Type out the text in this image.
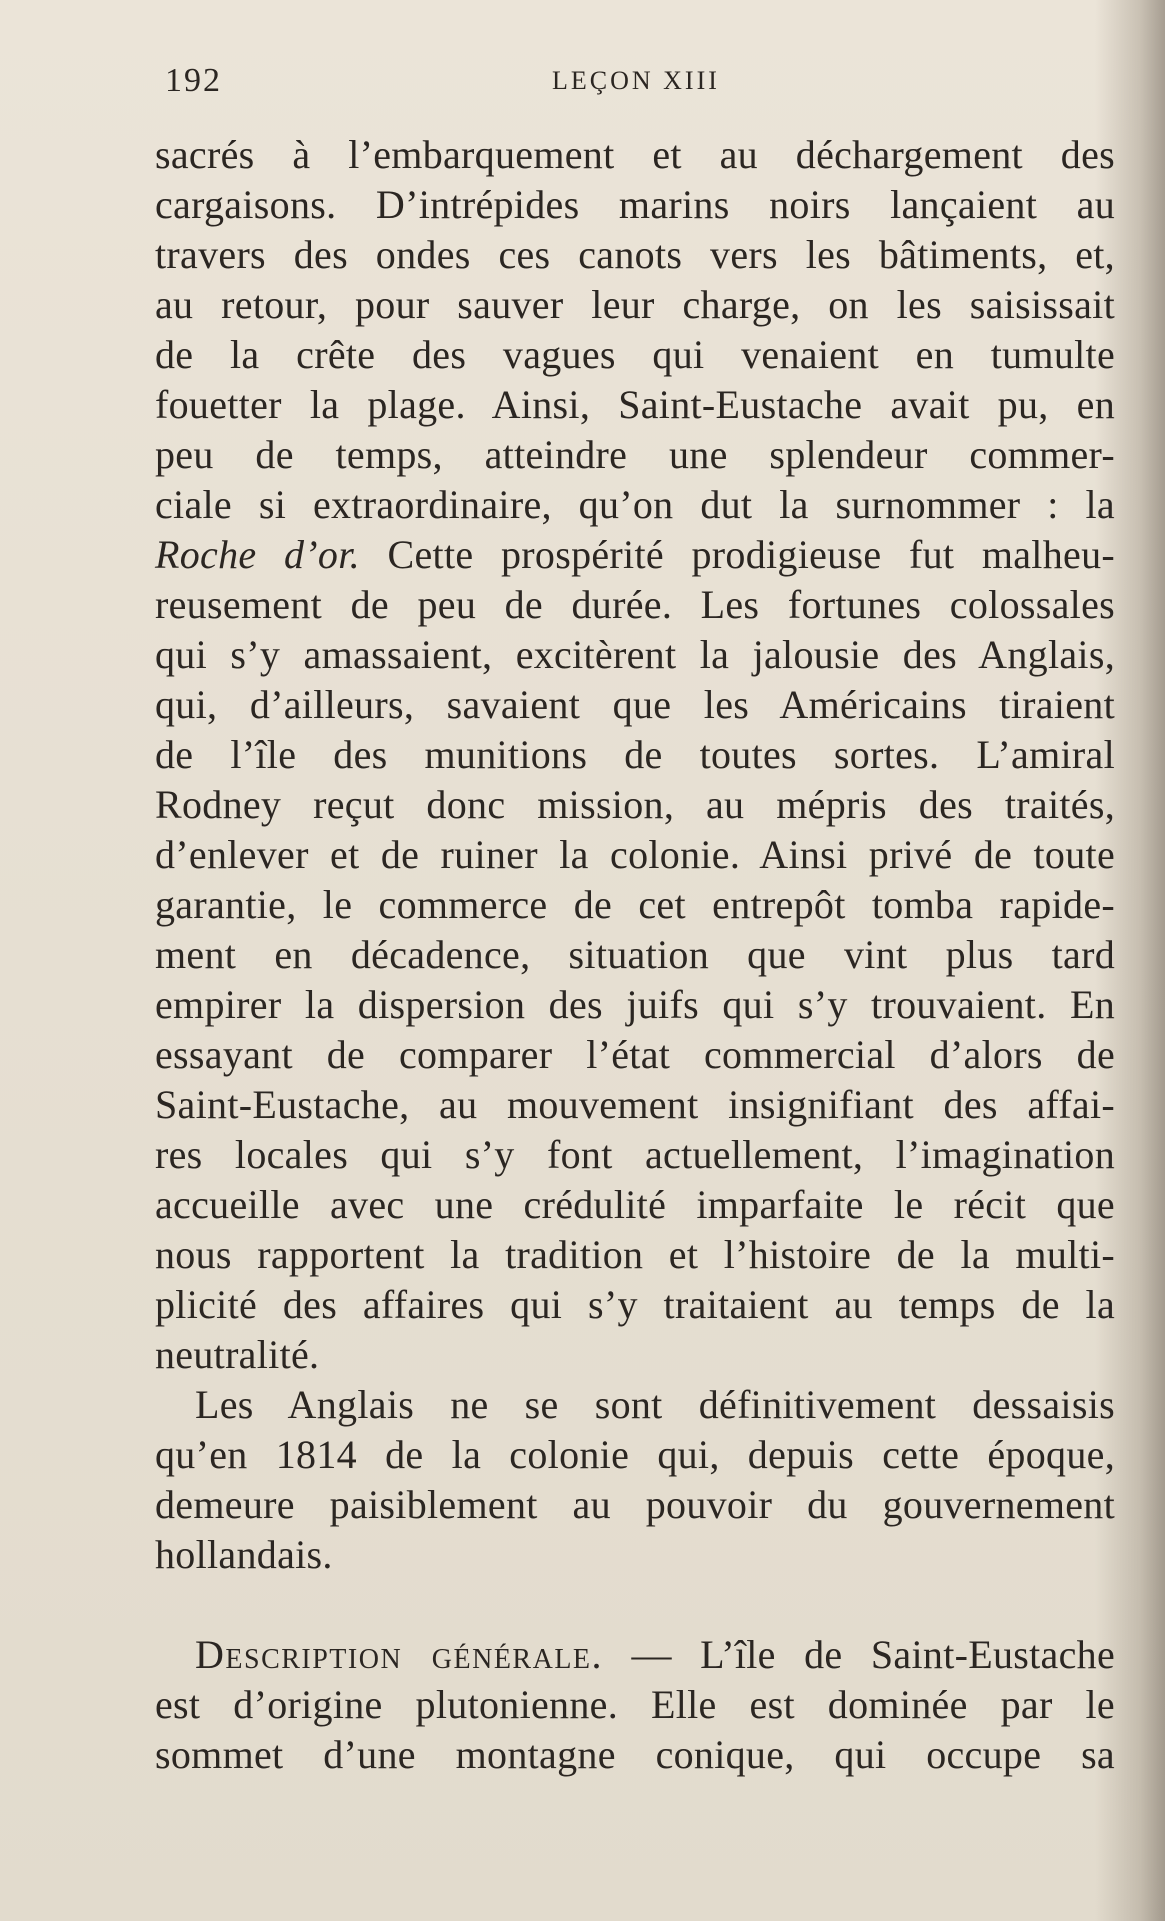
192	LEÇON XIII
sacrés à l’embarquement et au déchargement des
cargaisons. D’intrépides marins noirs lançaient au
travers des ondes ces canots vers les bâtiments, et,
au retour, pour sauver leur charge, on les saisissait
de la crête des vagues qui venaient en tumulte
fouetter la plage. Ainsi, Saint-Eustache avait pu, en
peu de temps, atteindre une splendeur commer-
ciale si extraordinaire, qu’on dut la surnommer : la
Roche d’or. Cette prospérité prodigieuse fut malheu-
reusement de peu de durée. Les fortunes colossales
qui s’y amassaient, excitèrent la jalousie des Anglais,
qui, d’ailleurs, savaient que les Américains tiraient
de l’île des munitions de toutes sortes. L’amiral
Rodney reçut donc mission, au mépris des traités,
d’enlever et de ruiner la colonie. Ainsi privé de toute
garantie, le commerce de cet entrepôt tomba rapide-
ment en décadence, situation que vint plus tard
empirer la dispersion des juifs qui s’y trouvaient. En
essayant de comparer l’état commercial d’alors de
Saint-Eustache, au mouvement insignifiant des affai-
res locales qui s’y font actuellement, l’imagination
accueille avec une crédulité imparfaite le récit que
nous rapportent la tradition et l’histoire de la multi-
plicité des affaires qui s’y traitaient au temps de la
neutralité.
Les Anglais ne se sont définitivement dessaisis
qu’en 1814 de la colonie qui, depuis cette époque,
demeure paisiblement au pouvoir du gouvernement
hollandais.
Description générale. — L’île de Saint-Eustache
est d’origine plutonienne. Elle est dominée par le
sommet d’une montagne conique, qui occupe sa
